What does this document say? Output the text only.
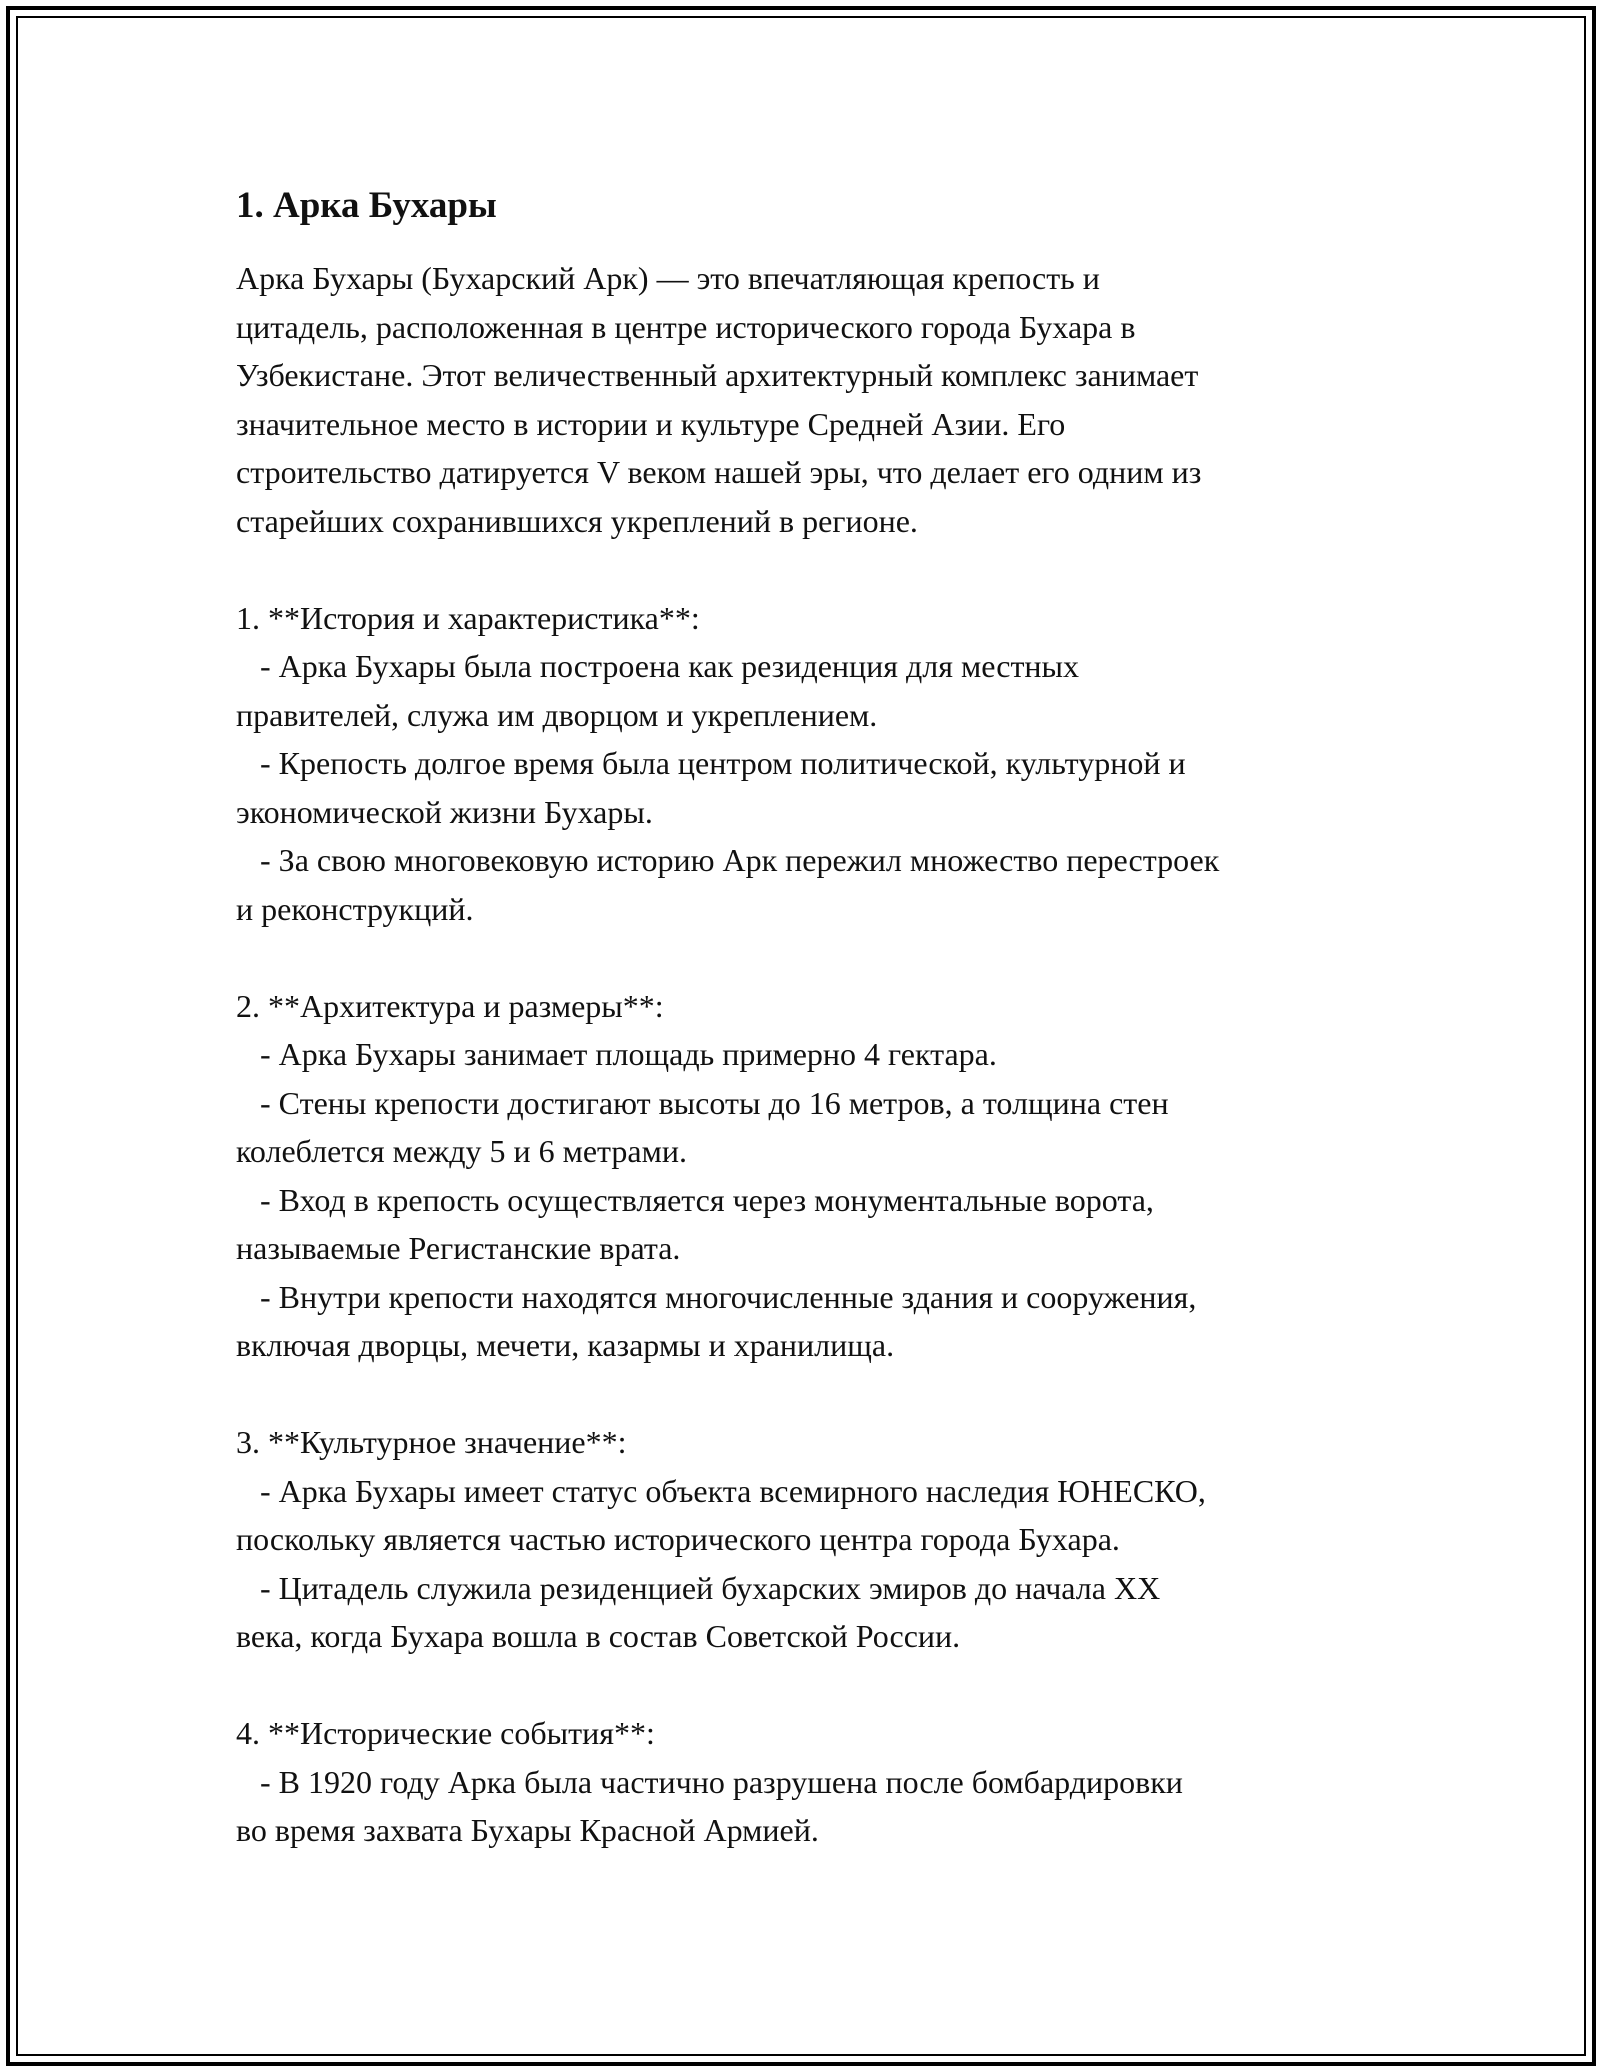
1. Арка Бухары
Арка Бухары (Бухарский Арк) — это впечатляющая крепость и
цитадель, расположенная в центре исторического города Бухара в
Узбекистане. Этот величественный архитектурный комплекс занимает
значительное место в истории и культуре Средней Азии. Его
строительство датируется V веком нашей эры, что делает его одним из
старейших сохранившихся укреплений в регионе.
1. **История и характеристика**:
- Арка Бухары была построена как резиденция для местных
правителей, служа им дворцом и укреплением.
- Крепость долгое время была центром политической, культурной и
экономической жизни Бухары.
- За свою многовековую историю Арк пережил множество перестроек
и реконструкций.
2. **Архитектура и размеры**:
- Арка Бухары занимает площадь примерно 4 гектара.
- Стены крепости достигают высоты до 16 метров, а толщина стен
колеблется между 5 и 6 метрами.
- Вход в крепость осуществляется через монументальные ворота,
называемые Регистанские врата.
- Внутри крепости находятся многочисленные здания и сооружения,
включая дворцы, мечети, казармы и хранилища.
3. **Культурное значение**:
- Арка Бухары имеет статус объекта всемирного наследия ЮНЕСКО,
поскольку является частью исторического центра города Бухара.
- Цитадель служила резиденцией бухарских эмиров до начала XX
века, когда Бухара вошла в состав Советской России.
4. **Исторические события**:
- В 1920 году Арка была частично разрушена после бомбардировки
во время захвата Бухары Красной Армией.
